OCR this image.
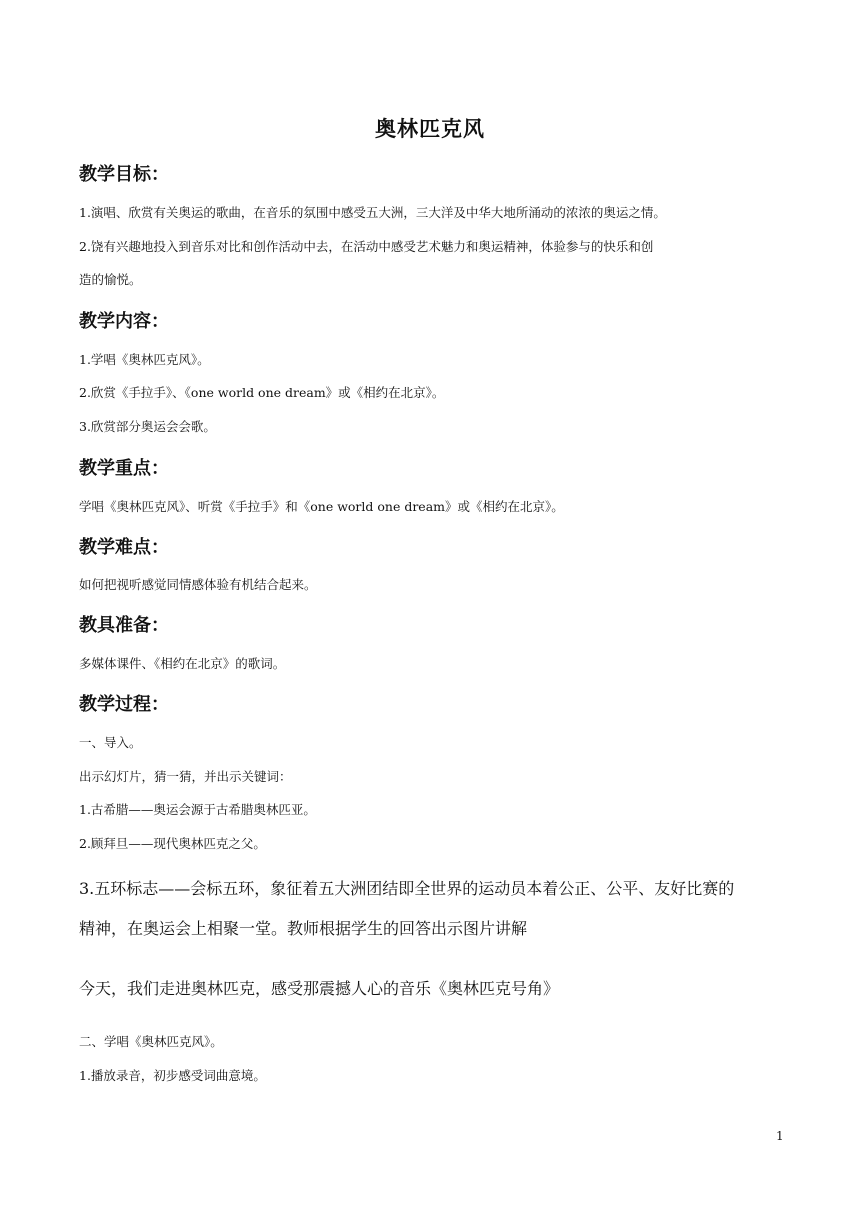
奥林匹克风
教学目标：

1.演唱、欣赏有关奥运的歌曲，在音乐的氛围中感受五大洲，三大洋及中华大地所涌动的浓浓的奥运之情。

2.饶有兴趣地投入到音乐对比和创作活动中去，在活动中感受艺术魅力和奥运精神，体验参与的快乐和创

造的愉悦。

教学内容：

1.学唱《奥林匹克风》。

2.欣赏《手拉手》、《one world one dream》或《相约在北京》。

3.欣赏部分奥运会会歌。

教学重点：

学唱《奥林匹克风》、听赏《手拉手》和《one world one dream》或《相约在北京》。

教学难点：

如何把视听感觉同情感体验有机结合起来。

教具准备：

多媒体课件、《相约在北京》的歌词。

教学过程：

一、导入。

出示幻灯片，猜一猜，并出示关键词：

1.古希腊——奥运会源于古希腊奥林匹亚。

2.顾拜旦——现代奥林匹克之父。

3.五环标志——会标五环，象征着五大洲团结即全世界的运动员本着公正、公平、友好比赛的

精神，在奥运会上相聚一堂。教师根据学生的回答出示图片讲解

今天，我们走进奥林匹克，感受那震撼人心的音乐《奥林匹克号角》

二、学唱《奥林匹克风》。

1.播放录音，初步感受词曲意境。

1
